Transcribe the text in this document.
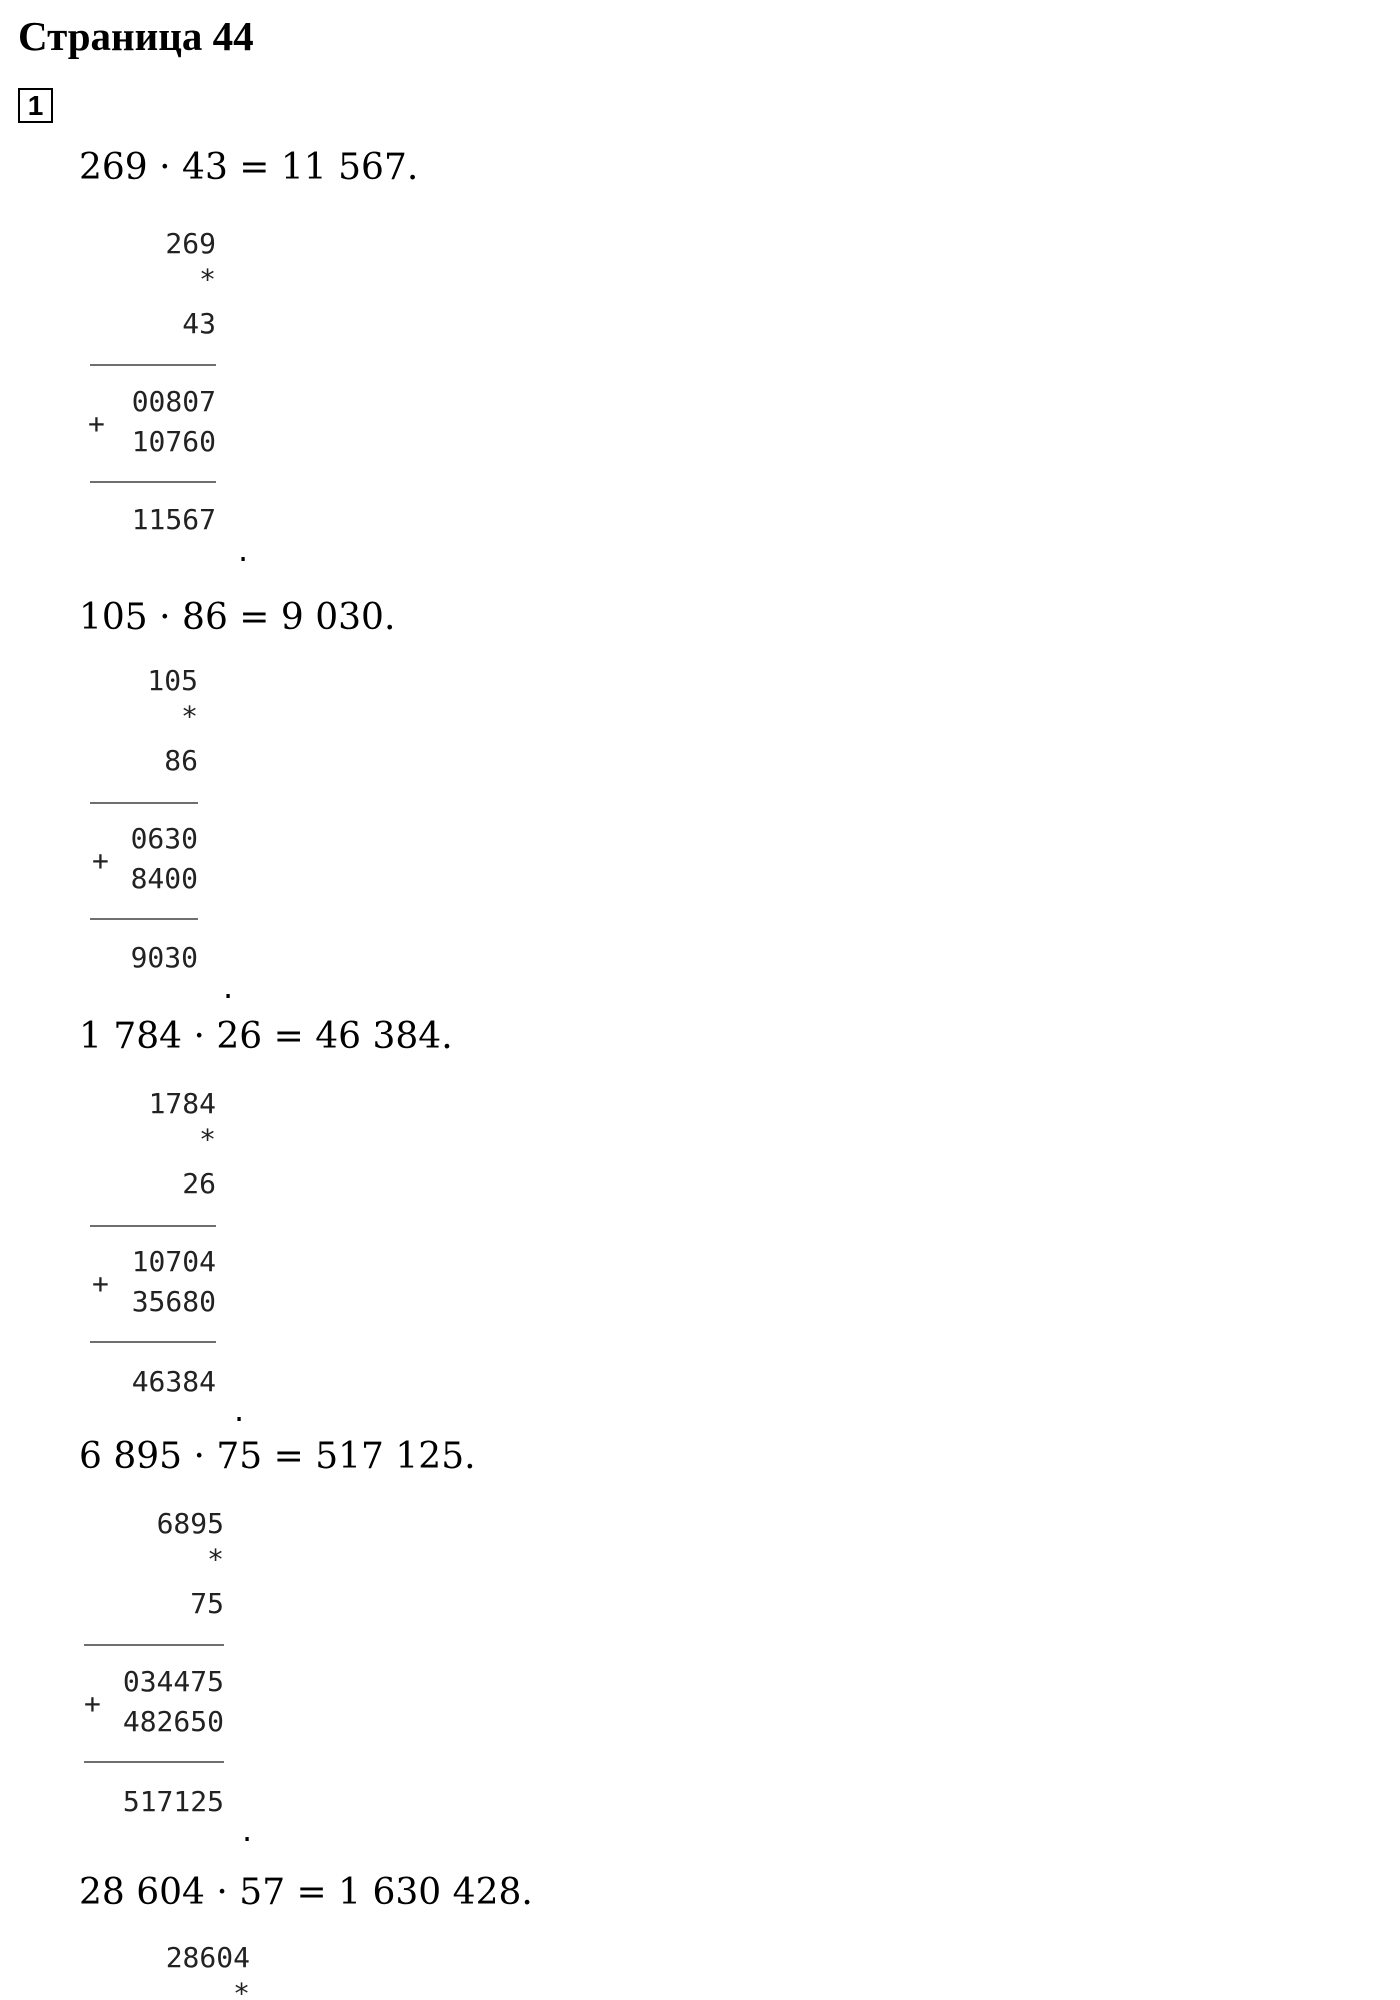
Страница 44
1
269 · 43 = 11 567.
269
*
43
+
00807
10760
11567
.
105 · 86 = 9 030.
105
*
86
+
0630
8400
9030
.
1 784 · 26 = 46 384.
1784
*
26
+
10704
35680
46384
.
6 895 · 75 = 517 125.
6895
*
75
+
034475
482650
517125
.
28 604 · 57 = 1 630 428.
28604
*
